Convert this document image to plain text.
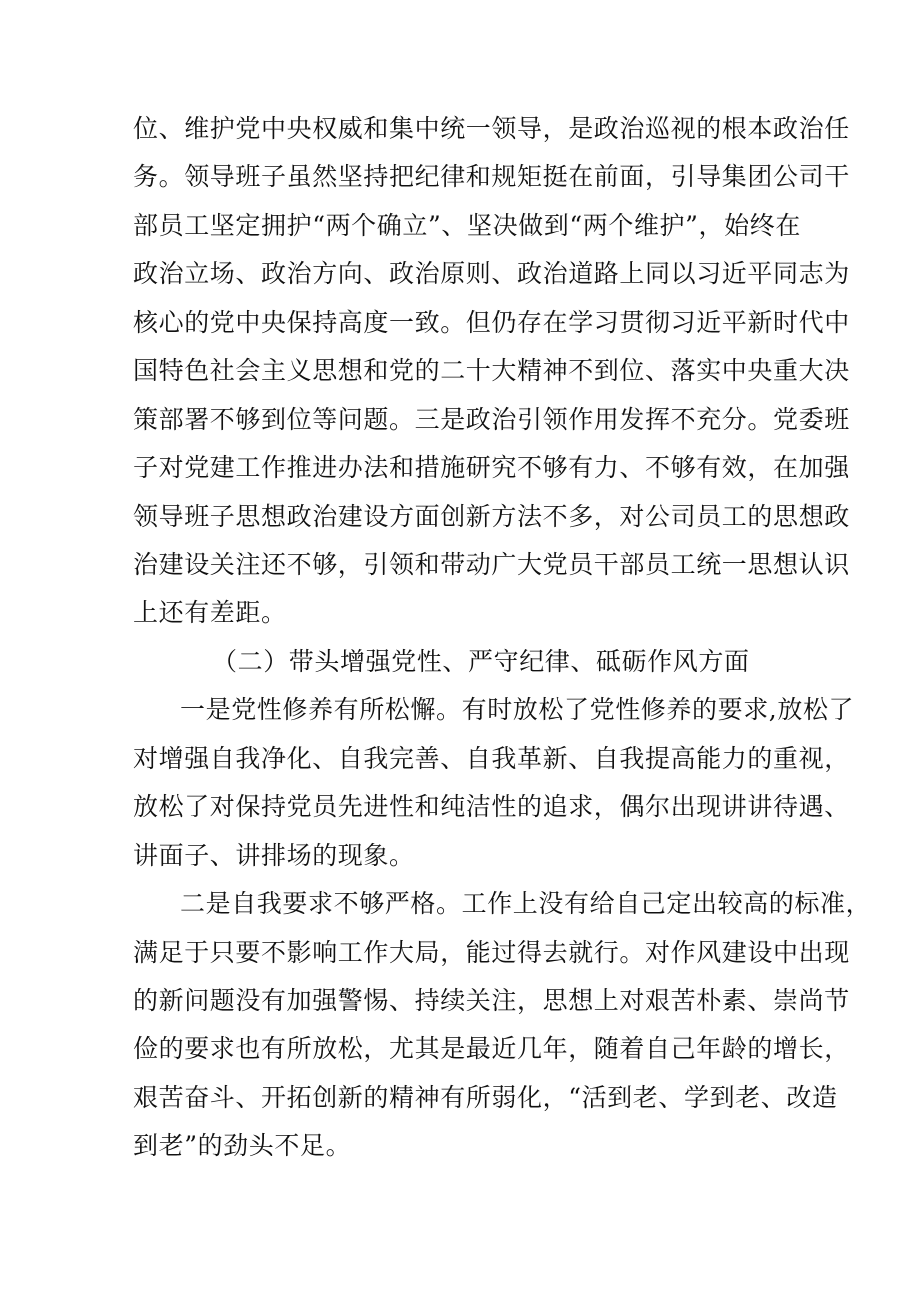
位、维护党中央权威和集中统一领导，是政治巡视的根本政治任
务。领导班子虽然坚持把纪律和规矩挺在前面，引导集团公司干
部员工坚定拥护“两个确立”、坚决做到“两个维护”，始终在
政治立场、政治方向、政治原则、政治道路上同以习近平同志为
核心的党中央保持高度一致。但仍存在学习贯彻习近平新时代中
国特色社会主义思想和党的二十大精神不到位、落实中央重大决
策部署不够到位等问题。三是政治引领作用发挥不充分。党委班
子对党建工作推进办法和措施研究不够有力、不够有效，在加强
领导班子思想政治建设方面创新方法不多，对公司员工的思想政
治建设关注还不够，引领和带动广大党员干部员工统一思想认识
上还有差距。
（二）带头增强党性、严守纪律、砥砺作风方面
一是党性修养有所松懈。有时放松了党性修养的要求,放松了
对增强自我净化、自我完善、自我革新、自我提高能力的重视，
放松了对保持党员先进性和纯洁性的追求，偶尔出现讲讲待遇、
讲面子、讲排场的现象。
二是自我要求不够严格。工作上没有给自己定出较高的标准，
满足于只要不影响工作大局，能过得去就行。对作风建设中出现
的新问题没有加强警惕、持续关注，思想上对艰苦朴素、崇尚节
俭的要求也有所放松，尤其是最近几年，随着自己年龄的增长，
艰苦奋斗、开拓创新的精神有所弱化，“活到老、学到老、改造
到老”的劲头不足。
